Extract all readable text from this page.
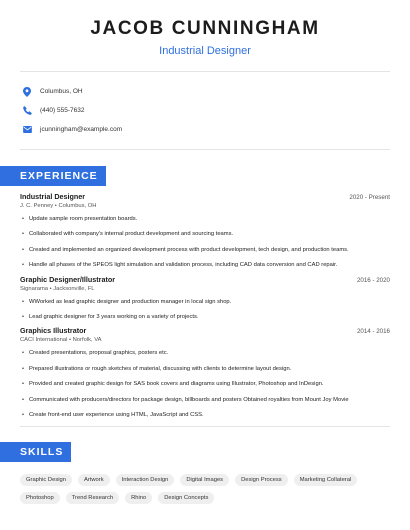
JACOB CUNNINGHAM
Industrial Designer
Columbus, OH
(440) 555-7632
jcunningham@example.com
EXPERIENCE
Industrial Designer	2020 - Present
J. C. Penney • Columbus, OH
• Update sample room presentation boards.
• Collaborated with company's internal product development and sourcing teams.
• Created and implemented an organized development process with product development, tech design, and production teams.
• Handle all phases of the SPEOS light simulation and validation process, including CAD data conversion and CAD repair.
Graphic Designer/Illustrator	2016 - 2020
Signarama • Jacksonville, FL
• WWorked as lead graphic designer and production manager in local sign shop.
• Lead graphic designer for 3 years working on a variety of projects.
Graphics Illustrator	2014 - 2016
CACI International • Norfolk, VA
• Created presentations, proposal graphics, posters etc.
• Prepared illustrations or rough sketches of material, discussing with clients to determine layout design.
• Provided and created graphic design for SAS book covers and diagrams using Illustrator, Photoshop and InDesign.
• Communicated with producers/directors for package design, billboards and posters Obtained royalties from Mount Joy Movie
• Create front-end user experience using HTML, JavaScript and CSS.
SKILLS
Graphic Design	Artwork	Interaction Design	Digital Images	Design Process	Marketing Collateral
Photoshop	Trend Research	Rhino	Design Concepts
